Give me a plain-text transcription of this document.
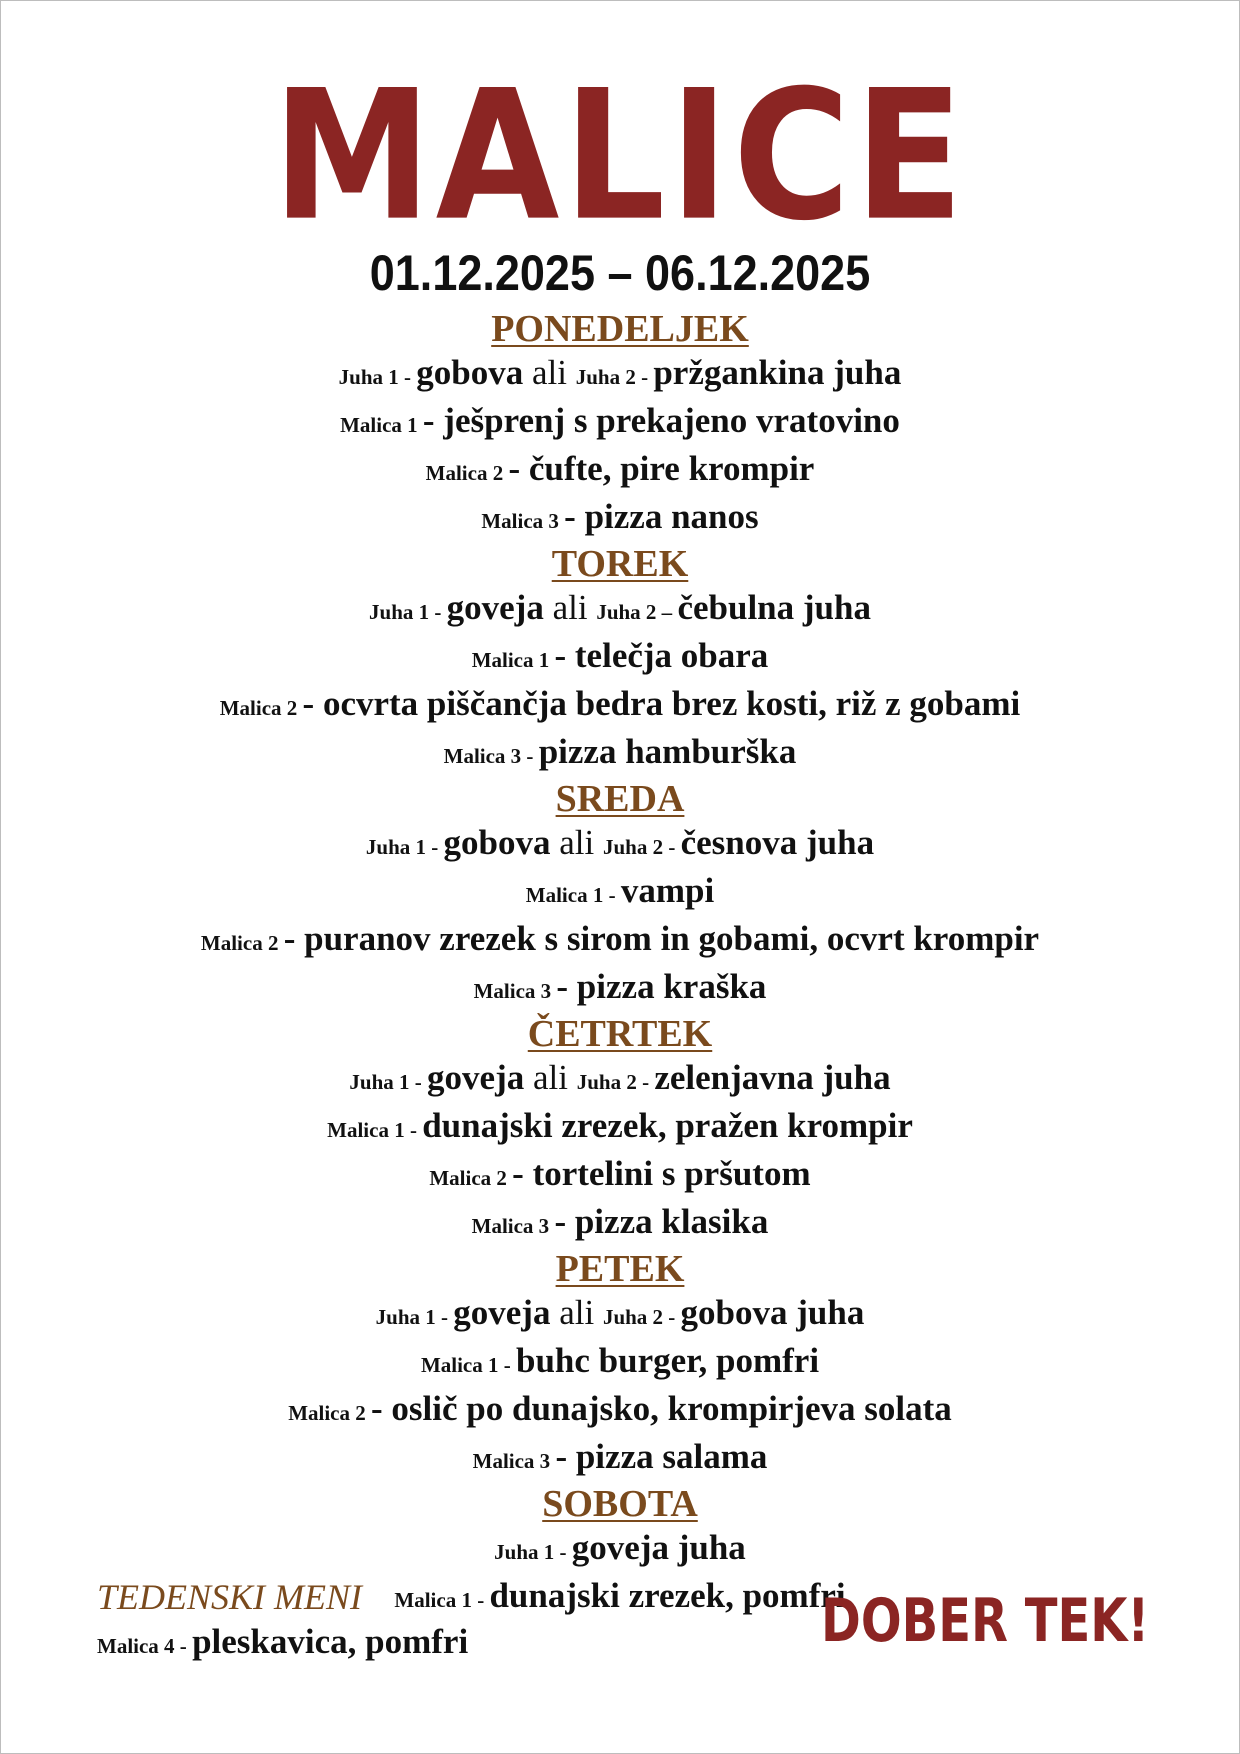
MALICE
01.12.2025 – 06.12.2025
PONEDELJEK
Juha 1 - gobova ali Juha 2 - pržgankina juha
Malica 1 - ješprenj s prekajeno vratovino
Malica 2 - čufte, pire krompir
Malica 3 - pizza nanos
TOREK
Juha 1 - goveja ali Juha 2 – čebulna juha
Malica 1 - telečja obara
Malica 2 - ocvrta piščančja bedra brez kosti, riž z gobami
Malica 3 - pizza hamburška
SREDA
Juha 1 - gobova ali Juha 2 - česnova juha
Malica 1 - vampi
Malica 2 - puranov zrezek s sirom in gobami, ocvrt krompir
Malica 3 - pizza kraška
ČETRTEK
Juha 1 - goveja ali Juha 2 - zelenjavna juha
Malica 1 - dunajski zrezek, pražen krompir
Malica 2 - tortelini s pršutom
Malica 3 - pizza klasika
PETEK
Juha 1 - goveja ali Juha 2 - gobova juha
Malica 1 - buhc burger, pomfri
Malica 2 - oslič po dunajsko, krompirjeva solata
Malica 3 - pizza salama
SOBOTA
Juha 1 - goveja juha
Malica 1 - dunajski zrezek, pomfri
TEDENSKI MENI
Malica 4 - pleskavica, pomfri	DOBER TEK!
